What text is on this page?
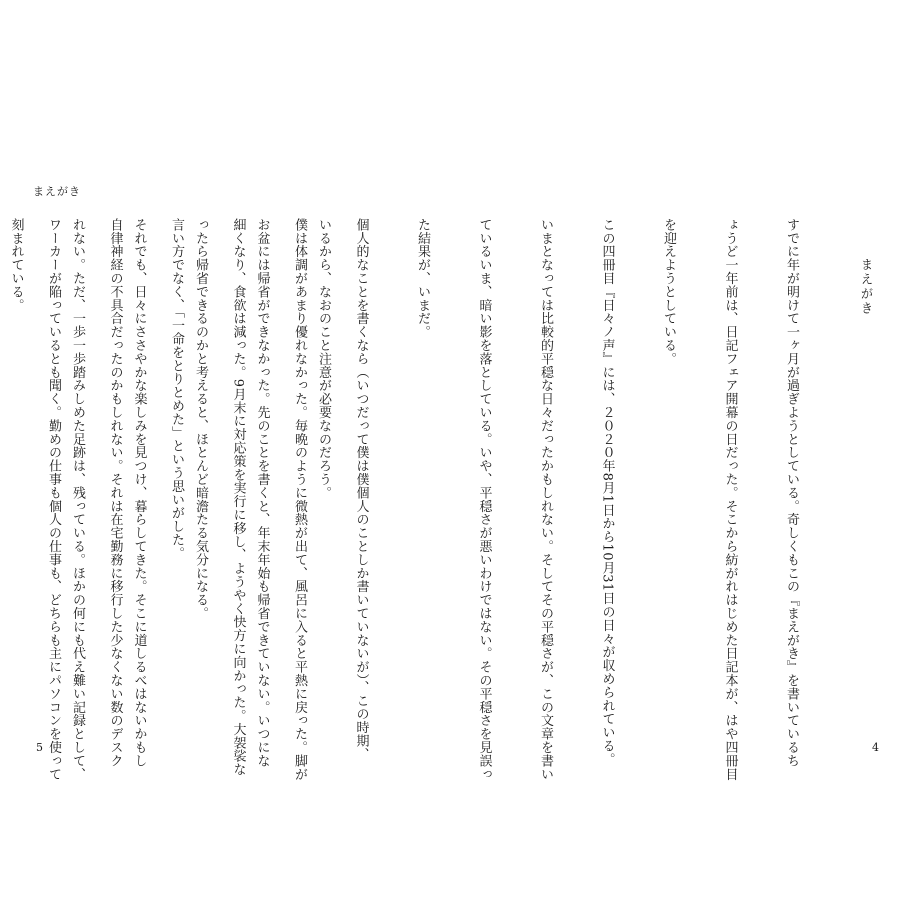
まえがき

いるから、なおのこと注意が必要なのだろう。

お盆には帰省ができなかった。先のことを書くと、年末年始も帰省できていない。いつにな

ったら帰省できるのかと考えると、ほとんど暗澹たる気分になる。

それでも、日々にささやかな楽しみを見つけ、暮らしてきた。そこに道しるべはないかもし

れない。ただ、一歩一歩踏みしめた足跡は、残っている。ほかの何にも代え難い記録として、

刻まれている。

5
まえがき

すでに年が明けて一ヶ月が過ぎようとしている。奇しくもこの『まえがき』を書いているち

ょうど一年前は、日記フェア開幕の日だった。そこから紡がれはじめた日記本が、はや四冊目

を迎えようとしている。

この四冊目『日々ノ声』には、２０２０年8月1日から10月31日の日々が収められている。

いまとなっては比較的平穏な日々だったかもしれない。そしてその平穏さが、この文章を書い

ているいま、暗い影を落としている。いや、平穏さが悪いわけではない。その平穏さを見誤っ

た結果が、いまだ。

個人的なことを書くなら（いつだって僕は僕個人のことしか書いていないが）、この時期、

僕は体調があまり優れなかった。毎晩のように微熱が出て、風呂に入ると平熱に戻った。脚が

細くなり、食欲は減った。9月末に対応策を実行に移し、ようやく快方に向かった。大袈裟な

言い方でなく、「一命をとりとめた」という思いがした。

自律神経の不具合だったのかもしれない。それは在宅勤務に移行した少なくない数のデスク

ワーカーが陥っているとも聞く。勤めの仕事も個人の仕事も、どちらも主にパソコンを使って

	4
